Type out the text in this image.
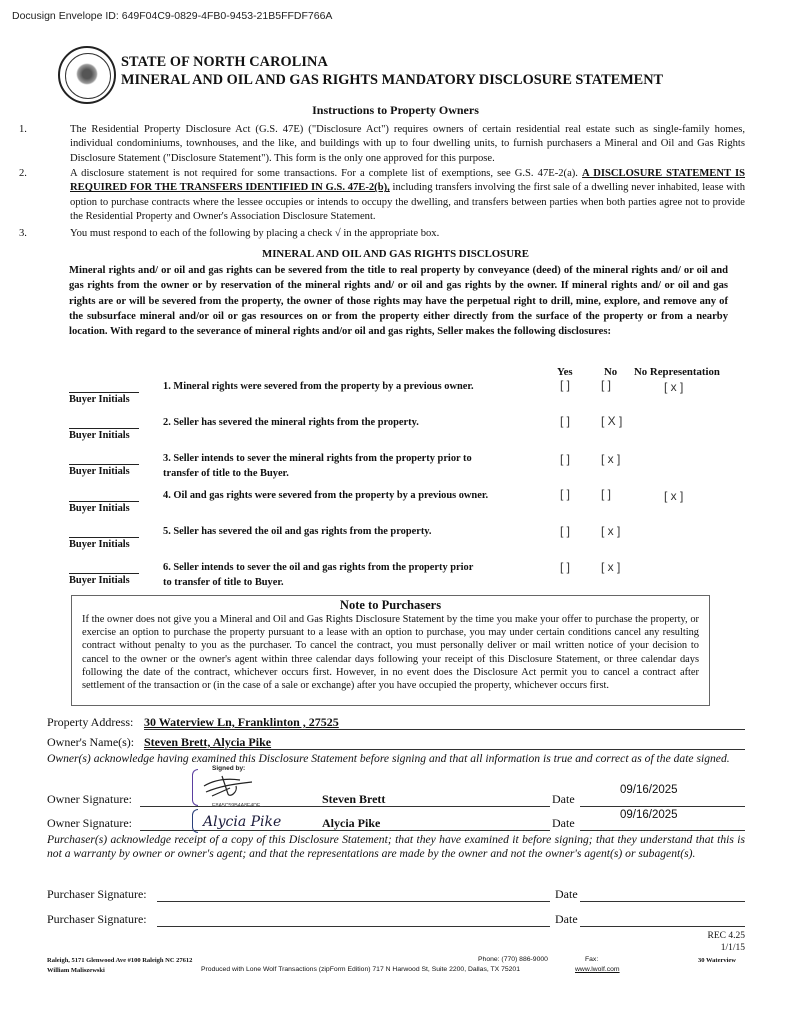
Docusign Envelope ID: 649F04C9-0829-4FB0-9453-21B5FFDF766A
STATE OF NORTH CAROLINA
MINERAL AND OIL AND GAS RIGHTS MANDATORY DISCLOSURE STATEMENT
Instructions to Property Owners
1.	The Residential Property Disclosure Act (G.S. 47E) ("Disclosure Act") requires owners of certain residential real estate such as single-family homes, individual condominiums, townhouses, and the like, and buildings with up to four dwelling units, to furnish purchasers a Mineral and Oil and Gas Rights Disclosure Statement ("Disclosure Statement"). This form is the only one approved for this purpose.
2.	A disclosure statement is not required for some transactions. For a complete list of exemptions, see G.S. 47E-2(a). A DISCLOSURE STATEMENT IS REQUIRED FOR THE TRANSFERS IDENTIFIED IN G.S. 47E-2(b), including transfers involving the first sale of a dwelling never inhabited, lease with option to purchase contracts where the lessee occupies or intends to occupy the dwelling, and transfers between parties when both parties agree not to provide the Residential Property and Owner's Association Disclosure Statement.
3.	You must respond to each of the following by placing a check √ in the appropriate box.
MINERAL AND OIL AND GAS RIGHTS DISCLOSURE
Mineral rights and/ or oil and gas rights can be severed from the title to real property by conveyance (deed) of the mineral rights and/ or oil and gas rights from the owner or by reservation of the mineral rights and/ or oil and gas rights by the owner. If mineral rights and/ or oil and gas rights are or will be severed from the property, the owner of those rights may have the perpetual right to drill, mine, explore, and remove any of the subsurface mineral and/or oil or gas resources on or from the property either directly from the surface of the property or from a nearby location. With regard to the severance of mineral rights and/or oil and gas rights, Seller makes the following disclosures:
Yes	No No Representation
Buyer Initials
1. Mineral rights were severed from the property by a previous owner.	[ ]	[ ]	[ x ]
Buyer Initials
2. Seller has severed the mineral rights from the property.	[ ]	[ X ]
Buyer Initials
3. Seller intends to sever the mineral rights from the property prior to
transfer of title to the Buyer.
[ ]	[ x ]
Buyer Initials
4. Oil and gas rights were severed from the property by a previous owner.	[ ]	[ ]	[ x ]
Buyer Initials
5. Seller has severed the oil and gas rights from the property.	[ ]	[ x ]
Buyer Initials
6. Seller intends to sever the oil and gas rights from the property prior
to transfer of title to Buyer.
[ ]	[ x ]
Note to Purchasers
If the owner does not give you a Mineral and Oil and Gas Rights Disclosure Statement by the time you make your offer to purchase the property, or exercise an option to purchase the property pursuant to a lease with an option to purchase, you may under certain conditions cancel any resulting contract without penalty to you as the purchaser. To cancel the contract, you must personally deliver or mail written notice of your decision to cancel to the owner or the owner's agent within three calendar days following your receipt of this Disclosure Statement, or three calendar days following the date of the contract, whichever occurs first. However, in no event does the Disclosure Act permit you to cancel a contract after settlement of the transaction or (in the case of a sale or exchange) after you have occupied the property, whichever occurs first.
Property Address: 30 Waterview Ln, Franklinton , 27525
Owner's Name(s): Steven Brett, Alycia Pike
Owner(s) acknowledge having examined this Disclosure Statement before signing and that all information is true and correct as of the date signed.
Owner Signature:
Signed by:
E8A5C59B4A8E4DF...	Steven Brett	Date
09/16/2025
Owner Signature:	Alycia Pike	Alycia Pike	Date
09/16/2025
Purchaser(s) acknowledge receipt of a copy of this Disclosure Statement; that they have examined it before signing; that they understand that this is not a warranty by owner or owner's agent; and that the representations are made by the owner and not the owner's agent(s) or subagent(s).
Purchaser Signature:	Date
Purchaser Signature:	Date
REC 4.25
1/1/15
Raleigh, 5171 Glenwood Ave #100 Raleigh NC 27612
William Maliszewski
Phone: (770) 886-9000	Fax:	30 Waterview
Produced with Lone Wolf Transactions (zipForm Edition) 717 N Harwood St, Suite 2200, Dallas, TX 75201	www.lwolf.com
